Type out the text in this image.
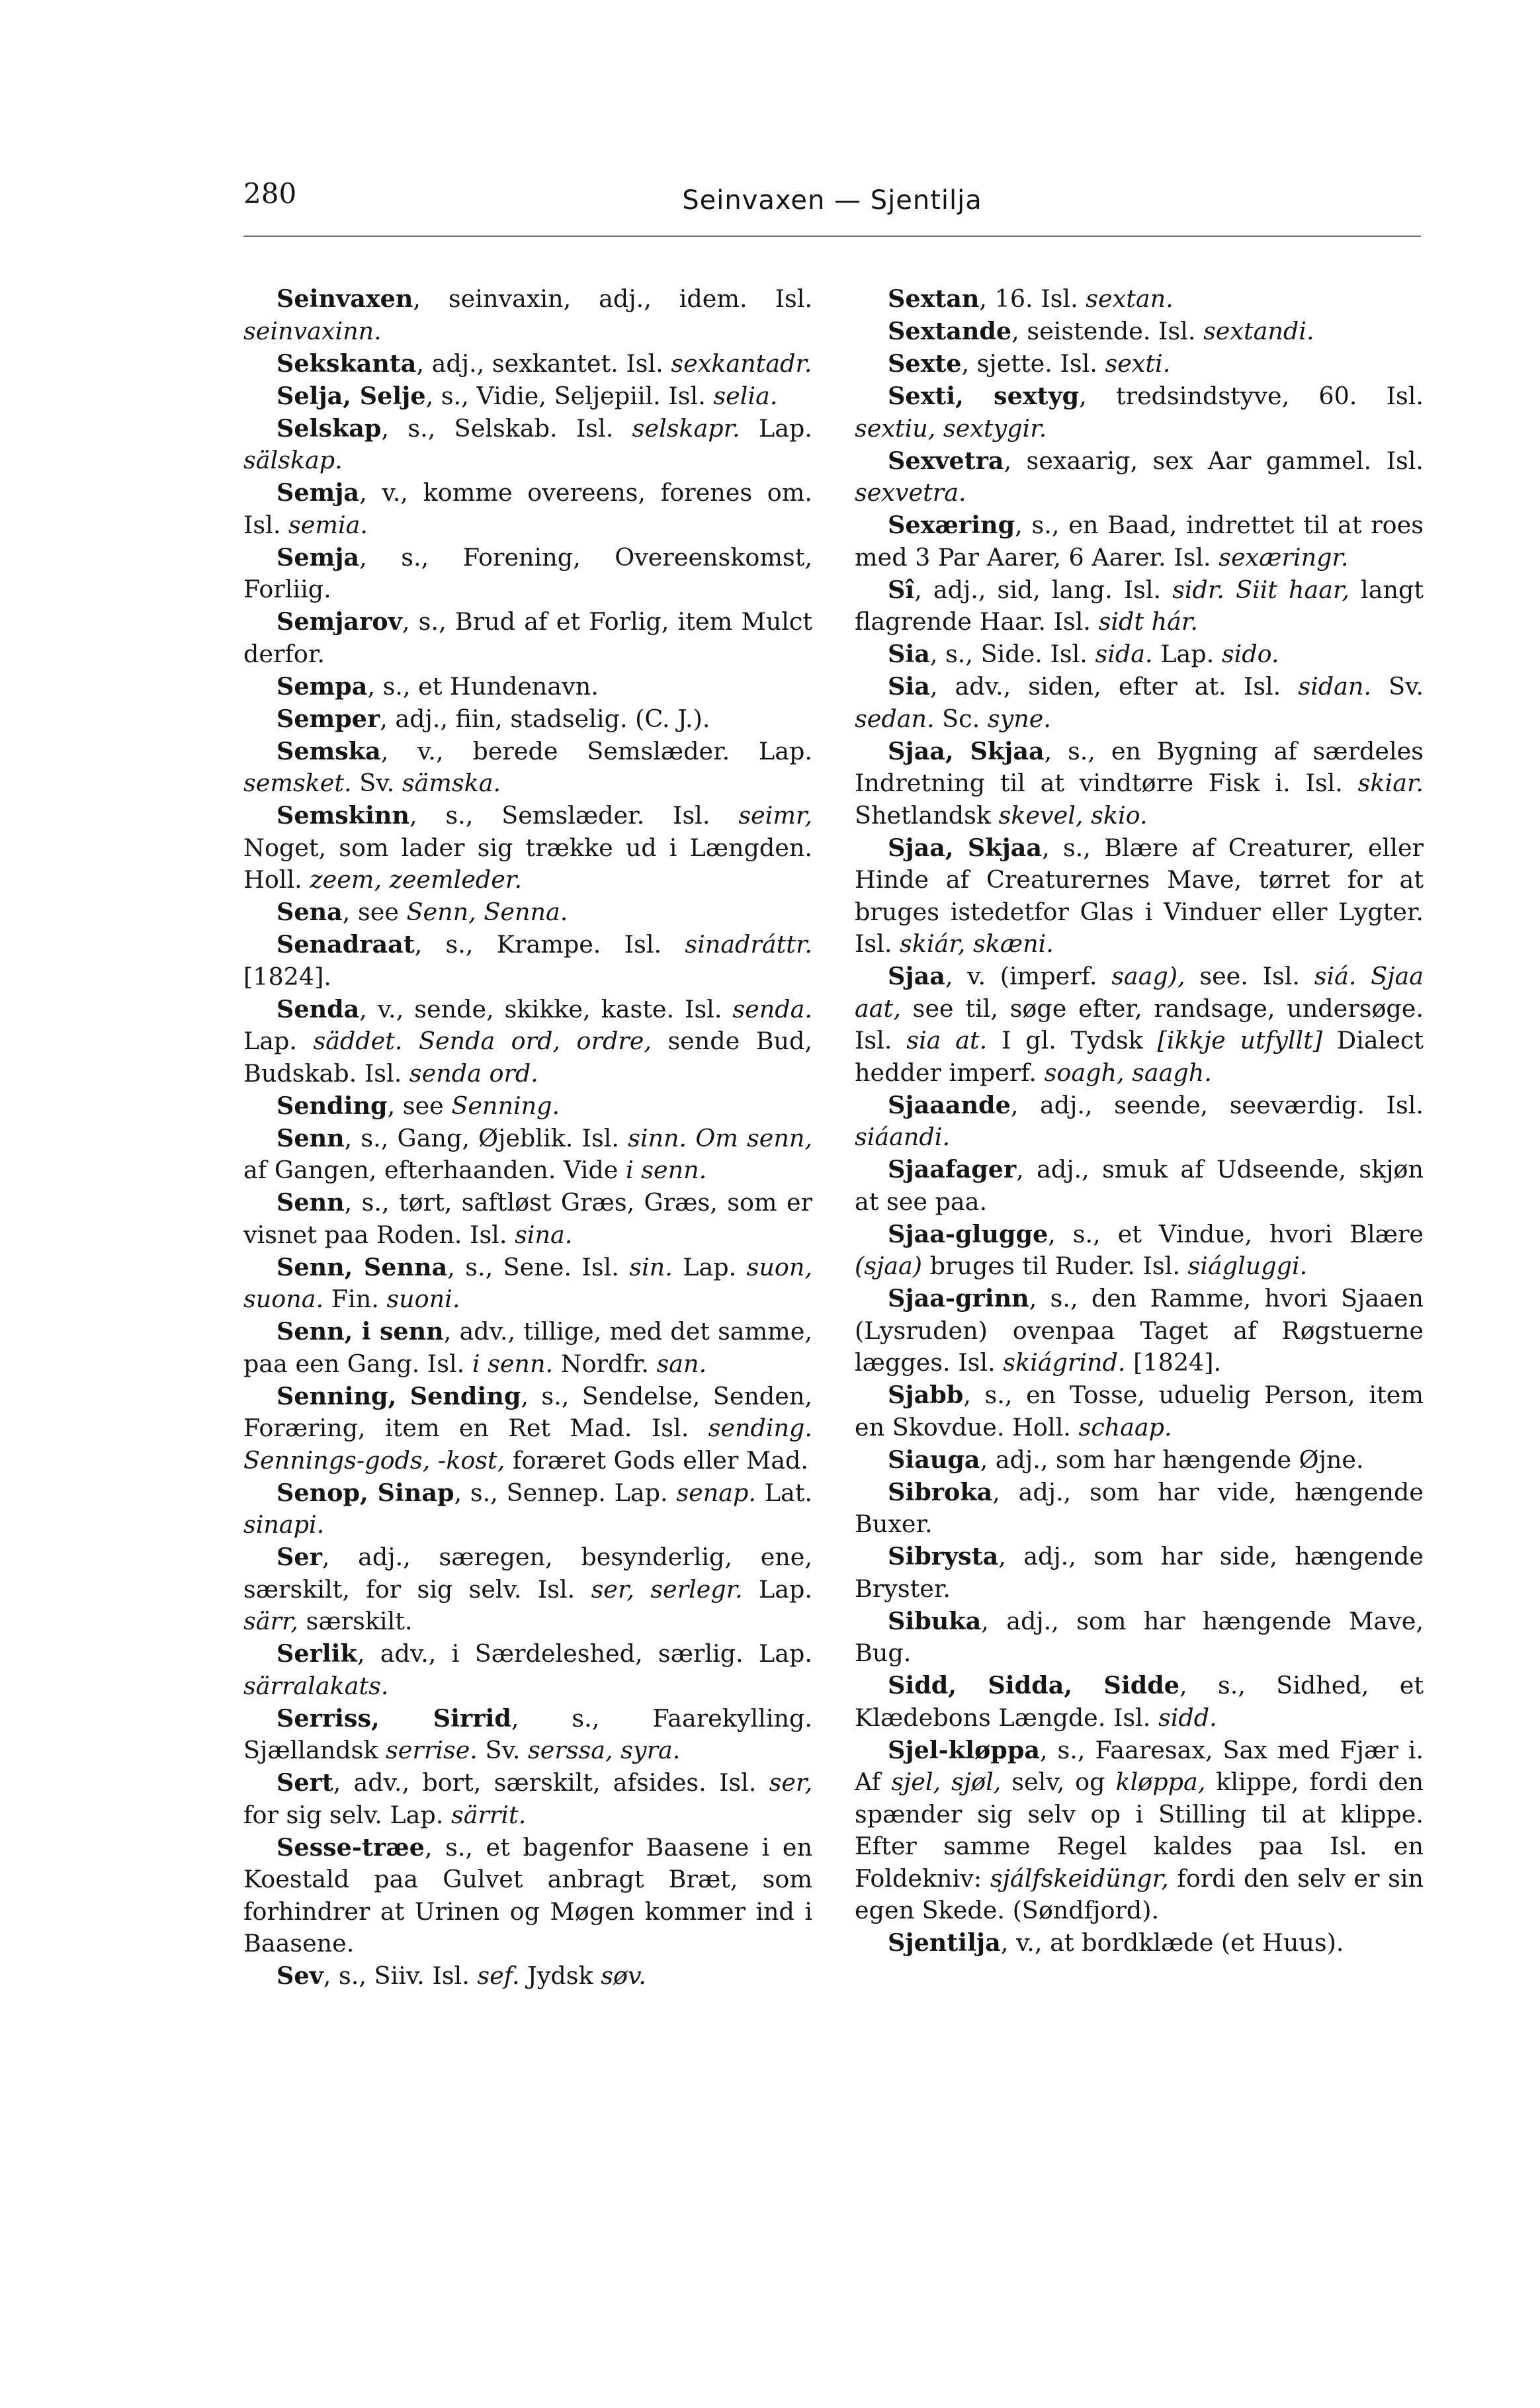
280	Seinvaxen — Sjentilja

Seinvaxen, seinvaxin, adj., idem. Isl. seinvaxinn.

Sekskanta, adj., sexkantet. Isl. sexkantadr.

Selja, Selje, s., Vidie, Seljepiil. Isl. selia.

Selskap, s., Selskab. Isl. selskapr. Lap. sälskap.

Semja, v., komme overeens, forenes om. Isl. semia.

Semja, s., Forening, Overeenskomst, Forliig.

Semjarov, s., Brud af et Forlig, item Mulct derfor.

Sempa, s., et Hundenavn.

Semper, adj., fiin, stadselig. (C. J.).

Semska, v., berede Semslæder. Lap. semsket. Sv. sämska.

Semskinn, s., Semslæder. Isl. seimr, Noget, som lader sig trække ud i Længden. Holl. zeem, zeemleder.

Sena, see Senn, Senna.

Senadraat, s., Krampe. Isl. sinadráttr. [1824].

Senda, v., sende, skikke, kaste. Isl. senda. Lap. säddet. Senda ord, ordre, sende Bud, Budskab. Isl. senda ord.

Sending, see Senning.

Senn, s., Gang, Øjeblik. Isl. sinn. Om senn, af Gangen, efterhaanden. Vide i senn.

Senn, s., tørt, saftløst Græs, Græs, som er visnet paa Roden. Isl. sina.

Senn, Senna, s., Sene. Isl. sin. Lap. suon, suona. Fin. suoni.

Senn, i senn, adv., tillige, med det samme, paa een Gang. Isl. i senn. Nordfr. san.

Senning, Sending, s., Sendelse, Senden, Foræring, item en Ret Mad. Isl. sending. Sennings-gods, -kost, foræret Gods eller Mad.

Senop, Sinap, s., Sennep. Lap. senap. Lat. sinapi.

Ser, adj., særegen, besynderlig, ene, særskilt, for sig selv. Isl. ser, serlegr. Lap. särr, særskilt.

Serlik, adv., i Særdeleshed, særlig. Lap. särralakats.

Serriss, Sirrid, s., Faarekylling. Sjællandsk serrise. Sv. serssa, syra.

Sert, adv., bort, særskilt, afsides. Isl. ser, for sig selv. Lap. särrit.

Sesse-træe, s., et bagenfor Baasene i en Koestald paa Gulvet anbragt Bræt, som forhindrer at Urinen og Møgen kommer ind i Baasene.

Sev, s., Siiv. Isl. sef. Jydsk søv.

Sextan, 16. Isl. sextan.

Sextande, seistende. Isl. sextandi.

Sexte, sjette. Isl. sexti.

Sexti, sextyg, tredsindstyve, 60. Isl. sextiu, sextygir.

Sexvetra, sexaarig, sex Aar gammel. Isl. sexvetra.

Sexæring, s., en Baad, indrettet til at roes med 3 Par Aarer, 6 Aarer. Isl. sexæringr.

Sî, adj., sid, lang. Isl. sidr. Siit haar, langt flagrende Haar. Isl. sidt hár.

Sia, s., Side. Isl. sida. Lap. sido.

Sia, adv., siden, efter at. Isl. sidan. Sv. sedan. Sc. syne.

Sjaa, Skjaa, s., en Bygning af særdeles Indretning til at vindtørre Fisk i. Isl. skiar. Shetlandsk skevel, skio.

Sjaa, Skjaa, s., Blære af Creaturer, eller Hinde af Creaturernes Mave, tørret for at bruges istedetfor Glas i Vinduer eller Lygter. Isl. skiár, skæni.

Sjaa, v. (imperf. saag), see. Isl. siá. Sjaa aat, see til, søge efter, randsage, undersøge. Isl. sia at. I gl. Tydsk [ikkje utfyllt] Dialect hedder imperf. soagh, saagh.

Sjaaande, adj., seende, seeværdig. Isl. siáandi.

Sjaafager, adj., smuk af Udseende, skjøn at see paa.

Sjaa-glugge, s., et Vindue, hvori Blære (sjaa) bruges til Ruder. Isl. siágluggi.

Sjaa-grinn, s., den Ramme, hvori Sjaaen (Lysruden) ovenpaa Taget af Røgstuerne lægges. Isl. skiágrind. [1824].

Sjabb, s., en Tosse, uduelig Person, item en Skovdue. Holl. schaap.

Siauga, adj., som har hængende Øjne.

Sibroka, adj., som har vide, hængende Buxer.

Sibrysta, adj., som har side, hængende Bryster.

Sibuka, adj., som har hængende Mave, Bug.

Sidd, Sidda, Sidde, s., Sidhed, et Klædebons Længde. Isl. sidd.

Sjel-kløppa, s., Faaresax, Sax med Fjær i. Af sjel, sjøl, selv, og kløppa, klippe, fordi den spænder sig selv op i Stilling til at klippe. Efter samme Regel kaldes paa Isl. en Foldekniv: sjálfskeidüngr, fordi den selv er sin egen Skede. (Søndfjord).

Sjentilja, v., at bordklæde (et Huus).
